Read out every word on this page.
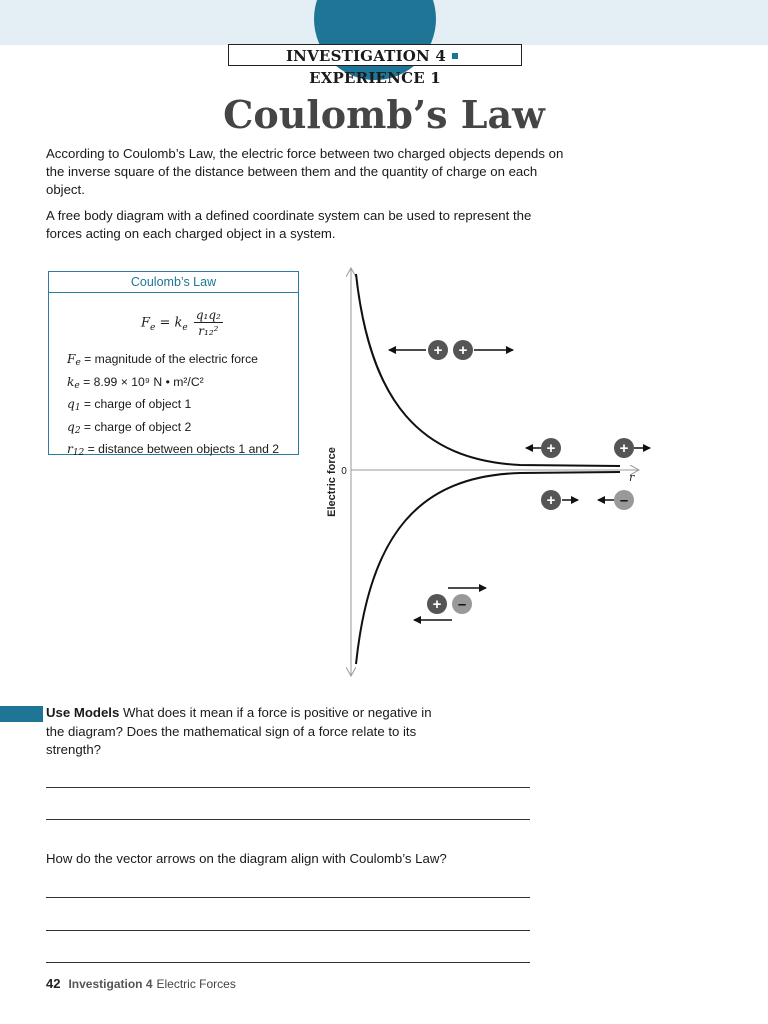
INVESTIGATION 4EXPERIENCE 1
Coulomb’s Law
According to Coulomb’s Law, the electric force between two charged objects depends on the inverse square of the distance between them and the quantity of charge on each object.
A free body diagram with a defined coordinate system can be used to represent the forces acting on each charged object in a system.
Coulomb’s Law
$F_e = k_e \frac{\text{q₁q₂}}{\text{r₁₂²}}$
$F_e$ = magnitude of the electric force
$k_e = 8.99 \times 10^9$ N • m²/C²
$q_1$ = charge of object 1
$q_2$ = charge of object 2
$r_{12}$ = distance between objects 1 and 2	Electric force 0	r
+ +
+	+
+	–
+ –
Use Models What does it mean if a force is positive or negative in the diagram? Does the mathematical sign of a force relate to its strength?
How do the vector arrows on the diagram align with Coulomb’s Law?
42 Investigation 4 Electric Forces
